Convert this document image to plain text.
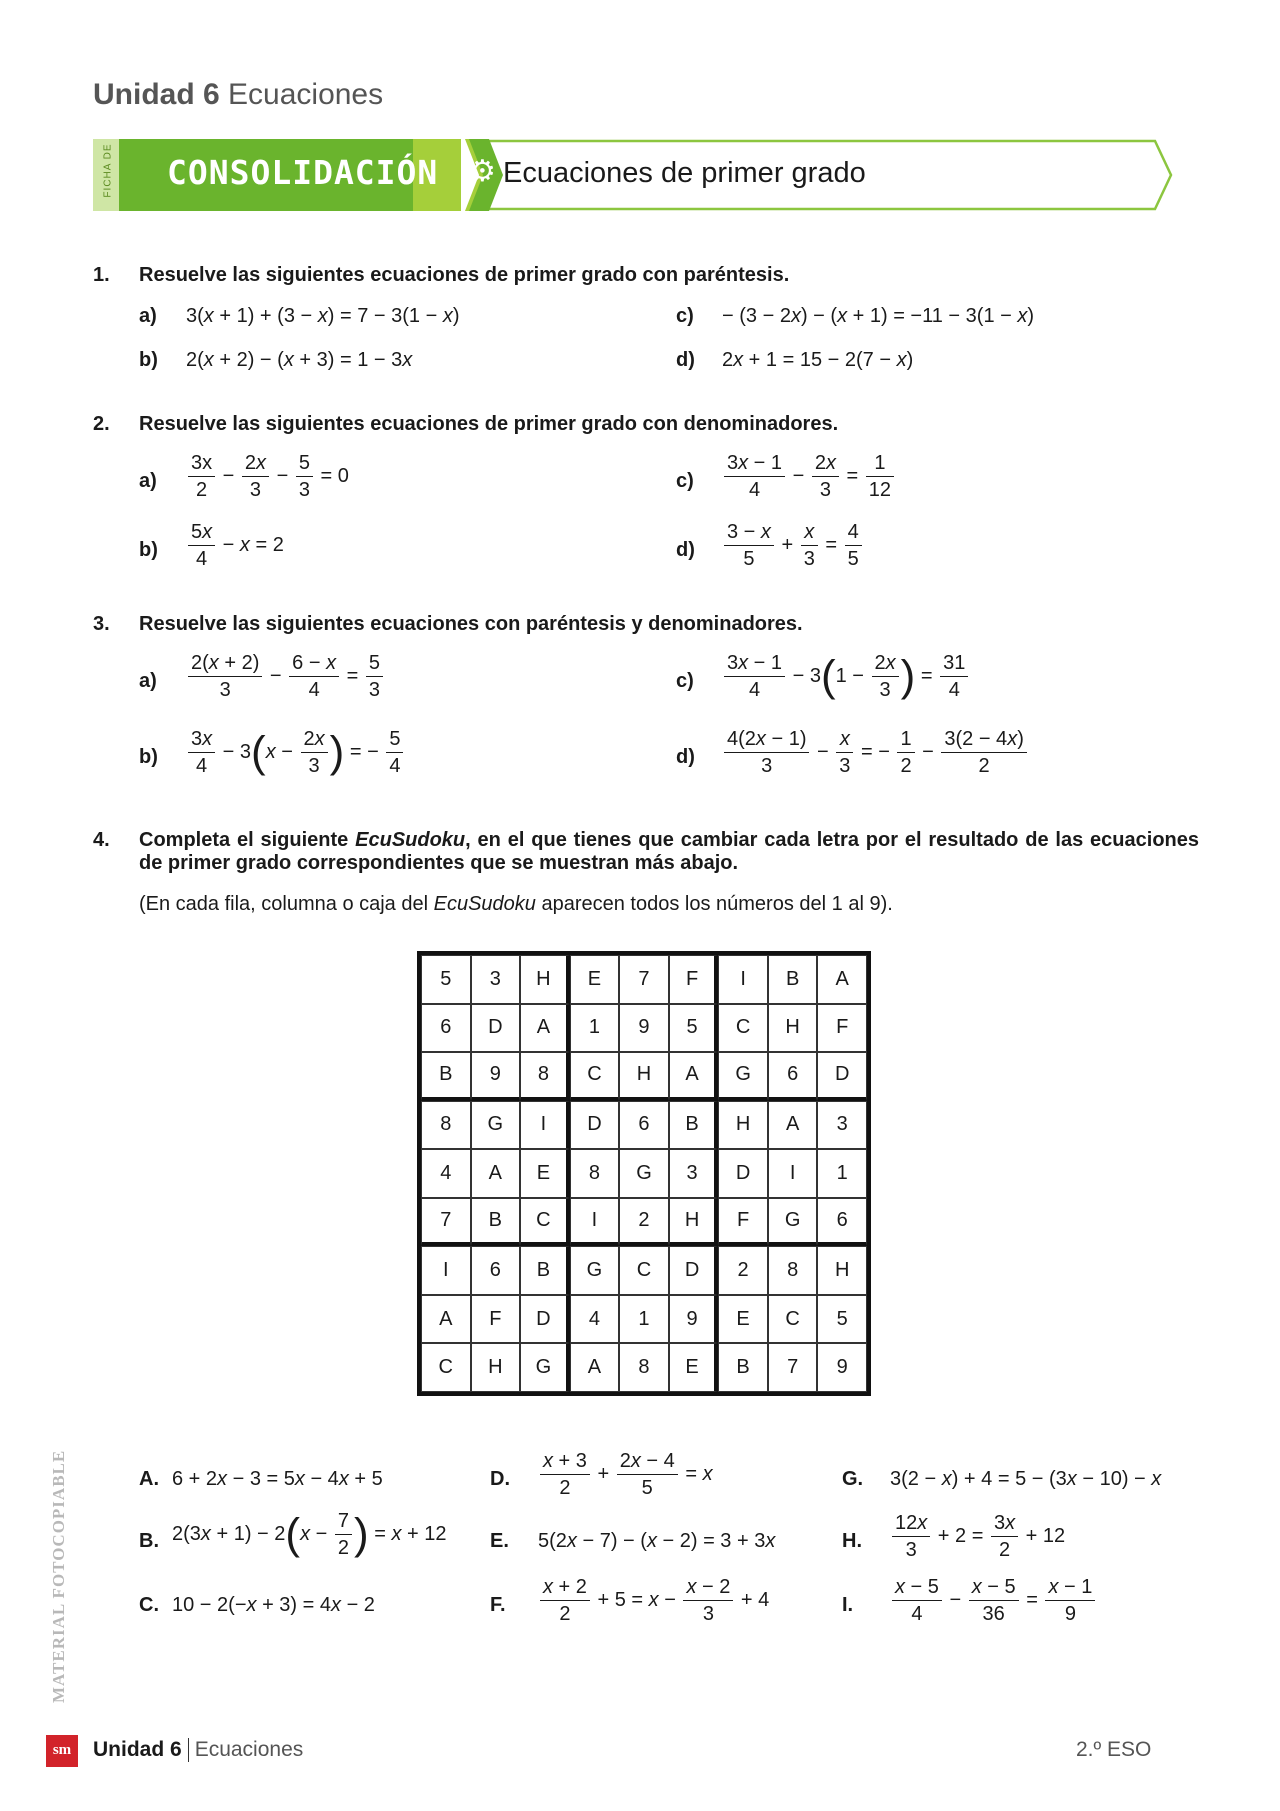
Unidad 6 Ecuaciones
FICHA DE CONSOLIDACIÓN ⚙ Ecuaciones de primer grado
1. Resuelve las siguientes ecuaciones de primer grado con paréntesis.
a) 3(x + 1) + (3 − x) = 7 − 3(1 − x)	c) − (3 − 2x) − (x + 1) = −11 − 3(1 − x)
b) 2(x + 2) − (x + 3) = 1 − 3x	d) 2x + 1 = 15 − 2(7 − x)
2. Resuelve las siguientes ecuaciones de primer grado con denominadores.
$a) \frac{3x}{2} - \frac{2x}{3} - \frac{5}{3} = 0$	$c) \frac{3x - 1}{4} - \frac{2x}{3} = \frac{1}{12}$
$b) \frac{5x}{4} - x = 2$	$d) \frac{3 - x}{5} + \frac{x}{3} = \frac{4}{5}$
3. Resuelve las siguientes ecuaciones con paréntesis y denominadores.
$a) \frac{2(x + 2)}{3} - \frac{6 - x}{4} = \frac{5}{3}$	$c) \frac{3x - 1}{4} - 3(1 - \frac{2x}{3}$ ) = $\frac{31}{4}$
$b) \frac{3x}{4} - 3(x - \frac{2x}{3}$ ) = − $\frac{5}{4}$	$d) \frac{4(2x - 1)}{3} - \frac{x}{3}$ = − $\frac{1}{2} - \frac{3(2 - 4x)}{2}$
4. Completa el siguiente EcuSudoku, en el que tienes que cambiar cada letra por el resultado de las ecuaciones de primer grado correspondientes que se muestran más abajo.
(En cada fila, columna o caja del EcuSudoku aparecen todos los números del 1 al 9).
5	3	H	E	7	F	I	B	A
6	D	A	1	9	5	C	H	F
B	9	8	C	H	A	G	6	D
8	G	I	D	6	B	H	A	3
4	A	E	8	G	3	D	I	1
7	B	C	I	2	H	F	G	6
I	6	B	G	C	D	2	8	H
A	F	D	4	1	9	E	C	5
C	H	G	A	8	E	B	7	9
A. 6 + 2x − 3 = 5x − 4x + 5	D. $\frac{x + 3}{2} + \frac{2x - 4}{5} = x$	G. 3(2 − x) + 4 = 5 − (3x − 10) − x
B. $2(3x + 1) - 2(x - \frac{7}{2}$ ) = x + 12 E. 5(2x − 7) − (x − 2) = 3 + 3x	H. $\frac{12x}{3} + 2 = \frac{3x}{2} + 12$
C. 10 − 2(−x + 3) = 4x − 2	F. $\frac{x + 2}{2} + 5 = x - \frac{x - 2}{3} + 4$	I. $\frac{x - 5}{4} - \frac{x - 5}{36} = \frac{x - 1}{9}$
MATERIAL FOTOCOPIABLE
sm	Unidad 6 Ecuaciones	2.º ESO
